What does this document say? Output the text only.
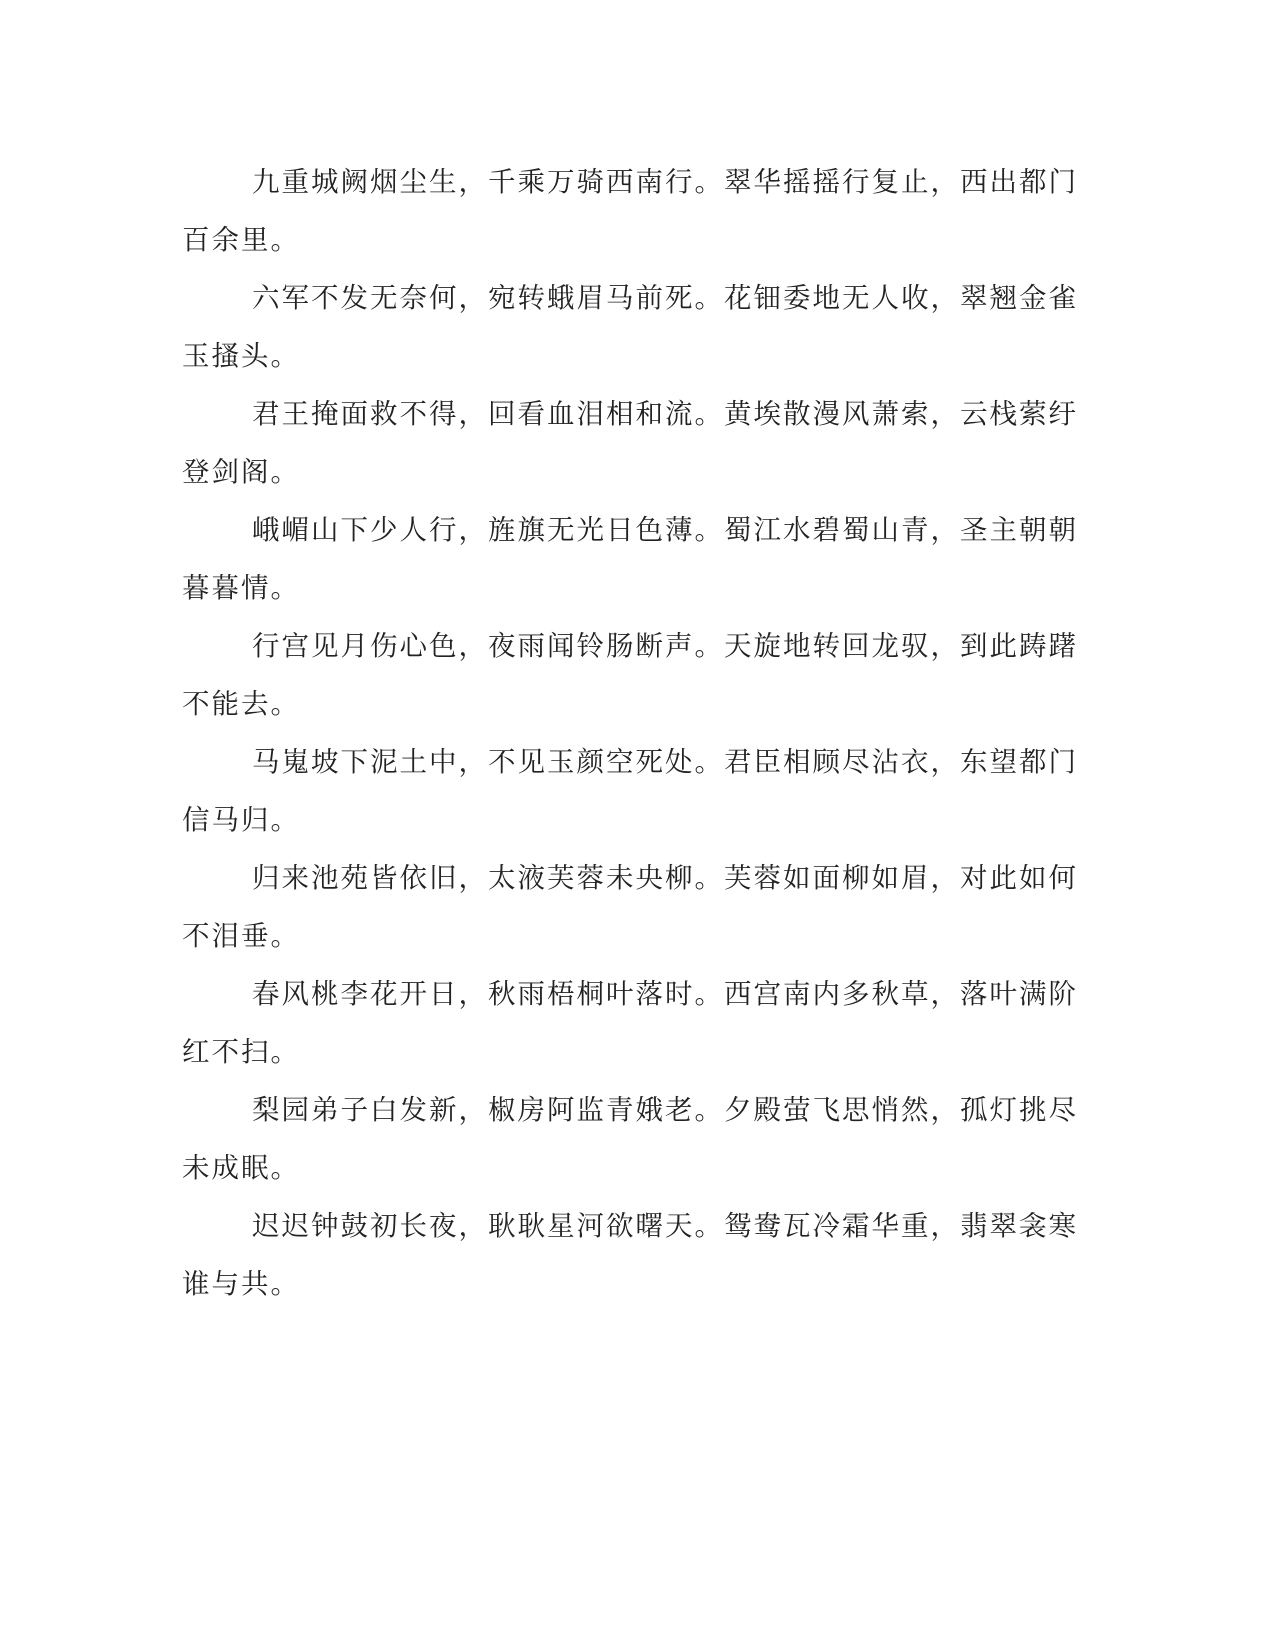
九重城阙烟尘生，千乘万骑西南行。翠华摇摇行复止，西出都门
百余里。
六军不发无奈何，宛转蛾眉马前死。花钿委地无人收，翠翘金雀
玉搔头。
君王掩面救不得，回看血泪相和流。黄埃散漫风萧索，云栈萦纡
登剑阁。
峨嵋山下少人行，旌旗无光日色薄。蜀江水碧蜀山青，圣主朝朝
暮暮情。
行宫见月伤心色，夜雨闻铃肠断声。天旋地转回龙驭，到此踌躇
不能去。
马嵬坡下泥土中，不见玉颜空死处。君臣相顾尽沾衣，东望都门
信马归。
归来池苑皆依旧，太液芙蓉未央柳。芙蓉如面柳如眉，对此如何
不泪垂。
春风桃李花开日，秋雨梧桐叶落时。西宫南内多秋草，落叶满阶
红不扫。
梨园弟子白发新，椒房阿监青娥老。夕殿萤飞思悄然，孤灯挑尽
未成眠。
迟迟钟鼓初长夜，耿耿星河欲曙天。鸳鸯瓦冷霜华重，翡翠衾寒
谁与共。
